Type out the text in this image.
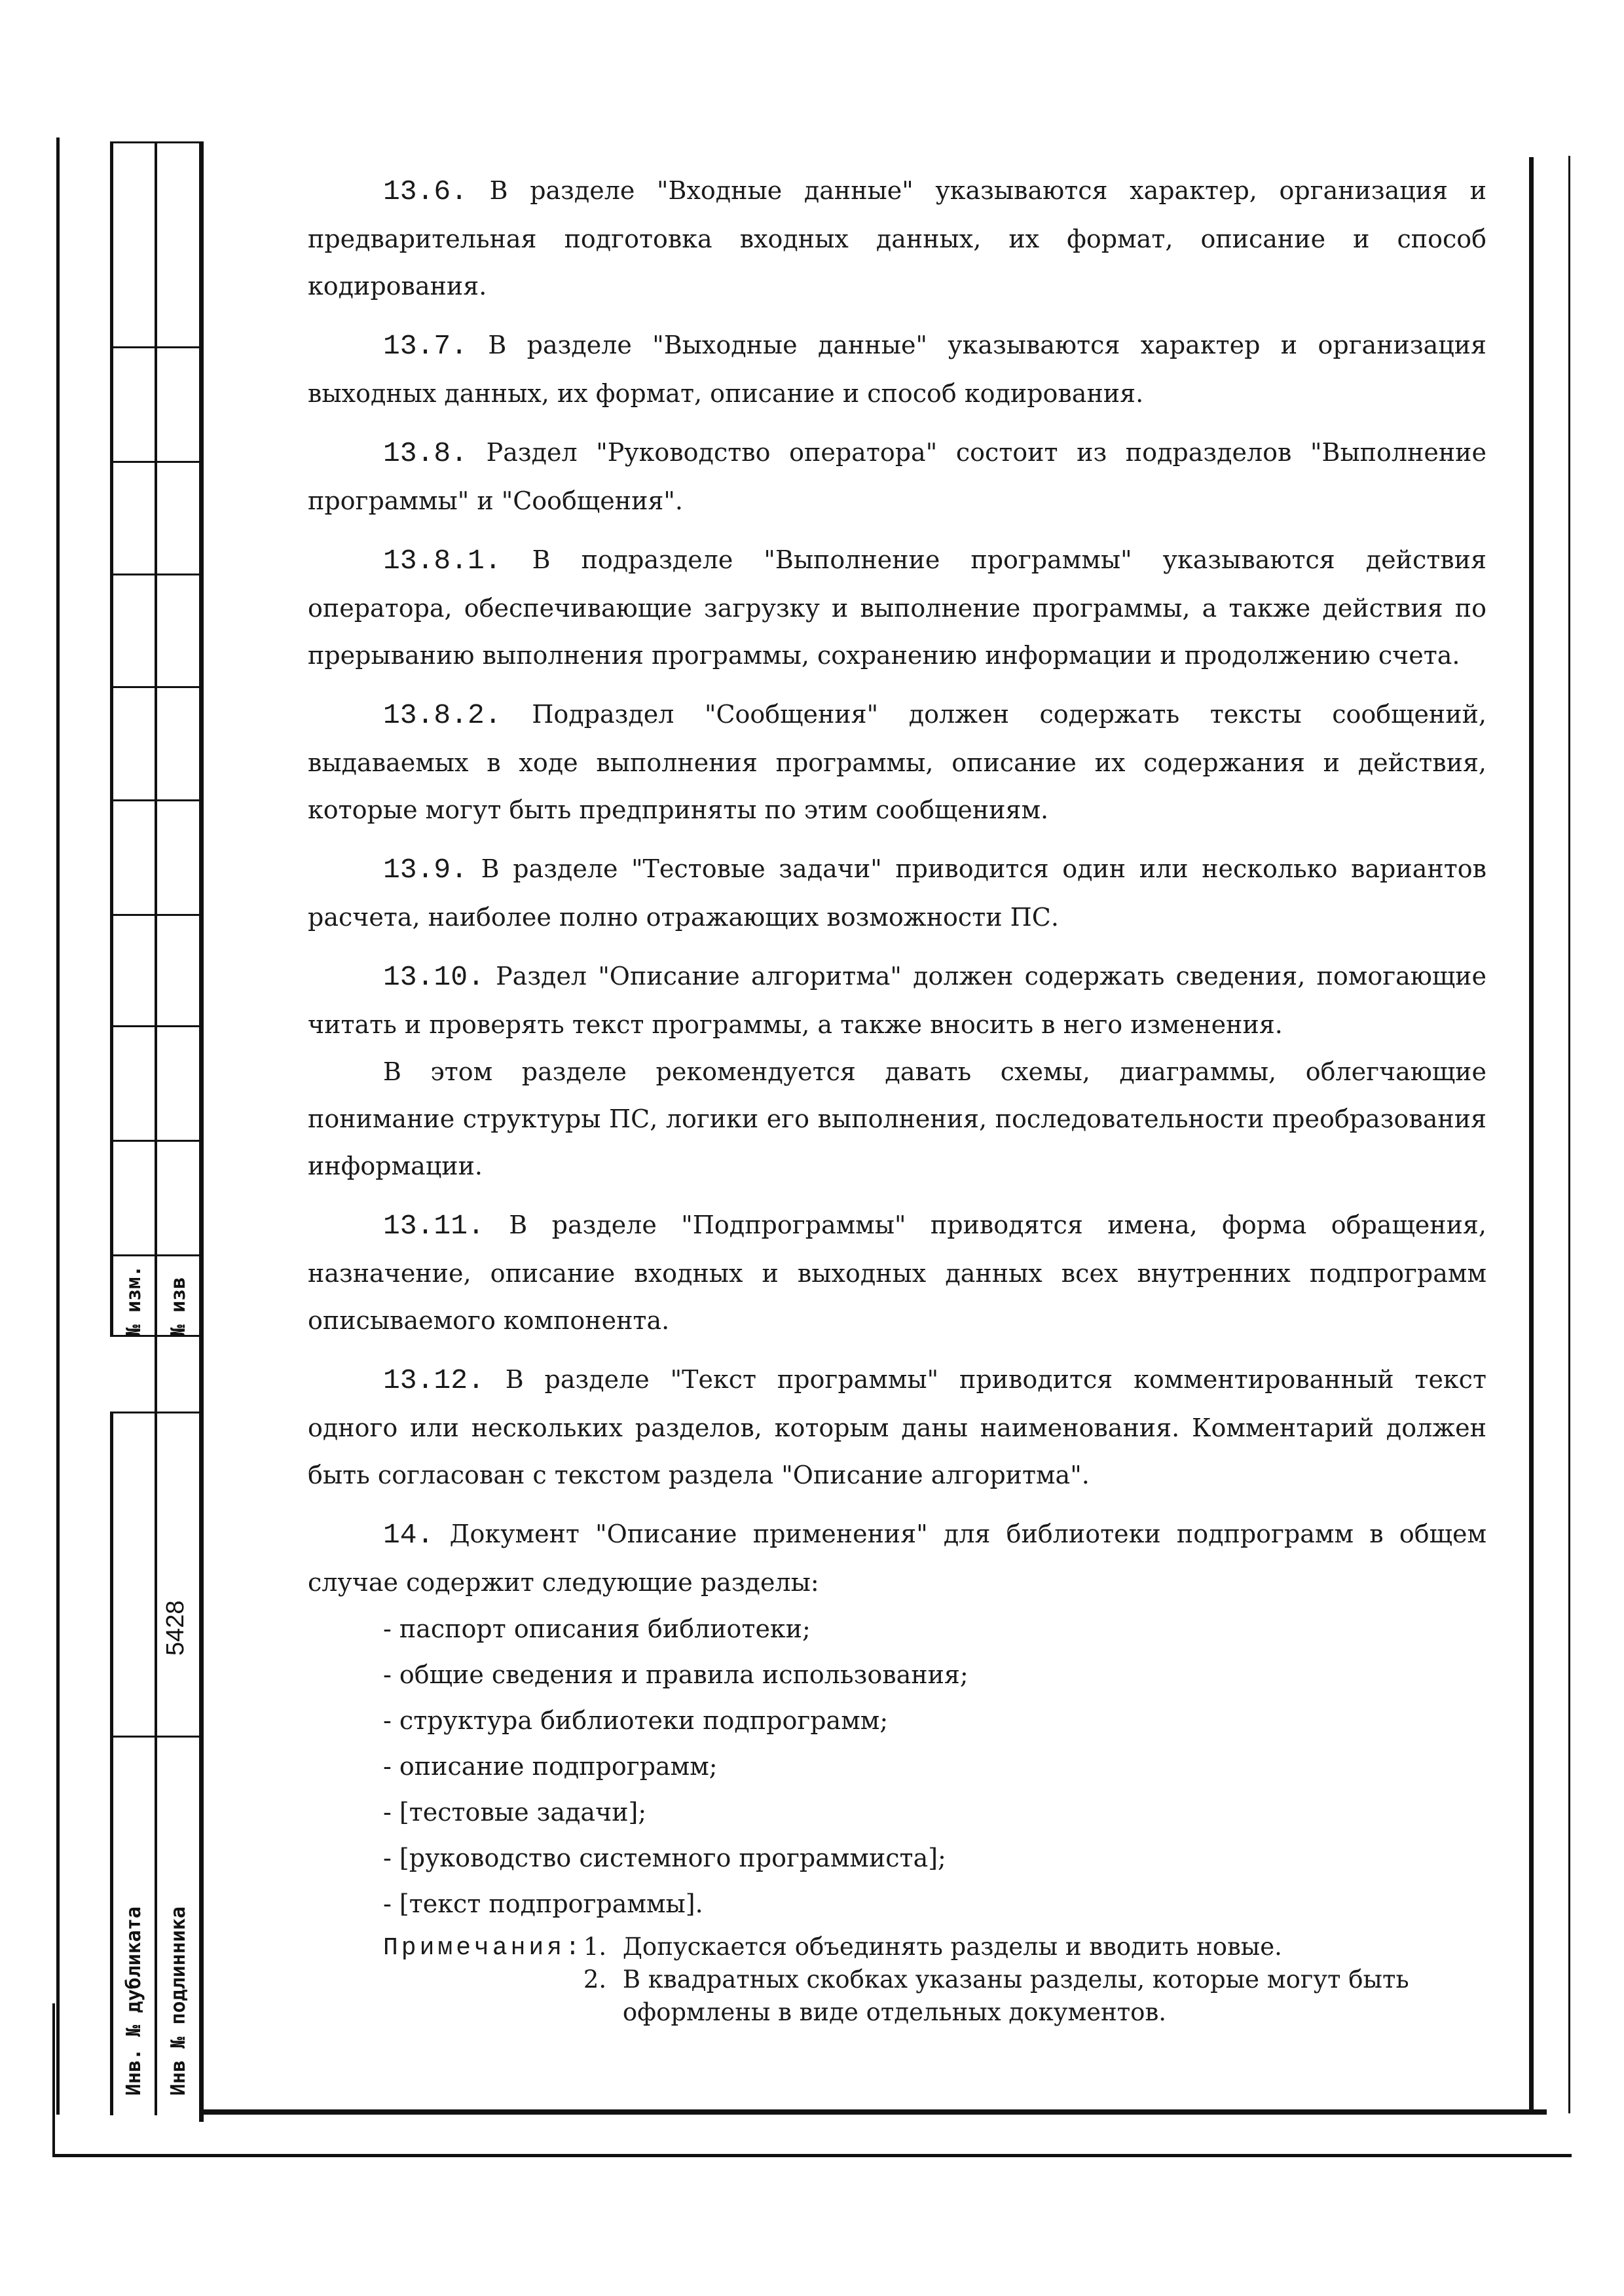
№ изм. № изв
5428
Инв. № дубликата Инв № подлинника

13.6. В разделе "Входные данные" указываются характер, организация и предварительная подготовка входных данных, их формат, описание и способ кодирования.

13.7. В разделе "Выходные данные" указываются характер и организация выходных данных, их формат, описание и способ кодирования.

13.8. Раздел "Руководство оператора" состоит из подразделов "Выполнение программы" и "Сообщения".

13.8.1. В подразделе "Выполнение программы" указываются действия оператора, обеспечивающие загрузку и выполнение программы, а также действия по прерыванию выполнения программы, сохранению информации и продолжению счета.

13.8.2. Подраздел "Сообщения" должен содержать тексты сообщений, выдаваемых в ходе выполнения программы, описание их содержания и действия, которые могут быть предприняты по этим сообщениям.

13.9. В разделе "Тестовые задачи" приводится один или несколько вариантов расчета, наиболее полно отражающих возможности ПС.

13.10. Раздел "Описание алгоритма" должен содержать сведения, помогающие читать и проверять текст программы, а также вносить в него изменения.

В этом разделе рекомендуется давать схемы, диаграммы, облегчающие понимание структуры ПС, логики его выполнения, последовательности преобразования информации.

13.11. В разделе "Подпрограммы" приводятся имена, форма обращения, назначение, описание входных и выходных данных всех внутренних подпрограмм описываемого компонента.

13.12. В разделе "Текст программы" приводится комментированный текст одного или нескольких разделов, которым даны наименования. Комментарий должен быть согласован с текстом раздела "Описание алгоритма".

14. Документ "Описание применения" для библиотеки подпрограмм в общем случае содержит следующие разделы:

- паспорт описания библиотеки;
- общие сведения и правила использования;
- структура библиотеки подпрограмм;
- описание подпрограмм;
- [тестовые задачи];
- [руководство системного программиста];
- [текст подпрограммы].
Примечания: 1. Допускается объединять разделы и вводить новые.
2. В квадратных скобках указаны разделы, которые могут быть оформлены в виде отдельных документов.
